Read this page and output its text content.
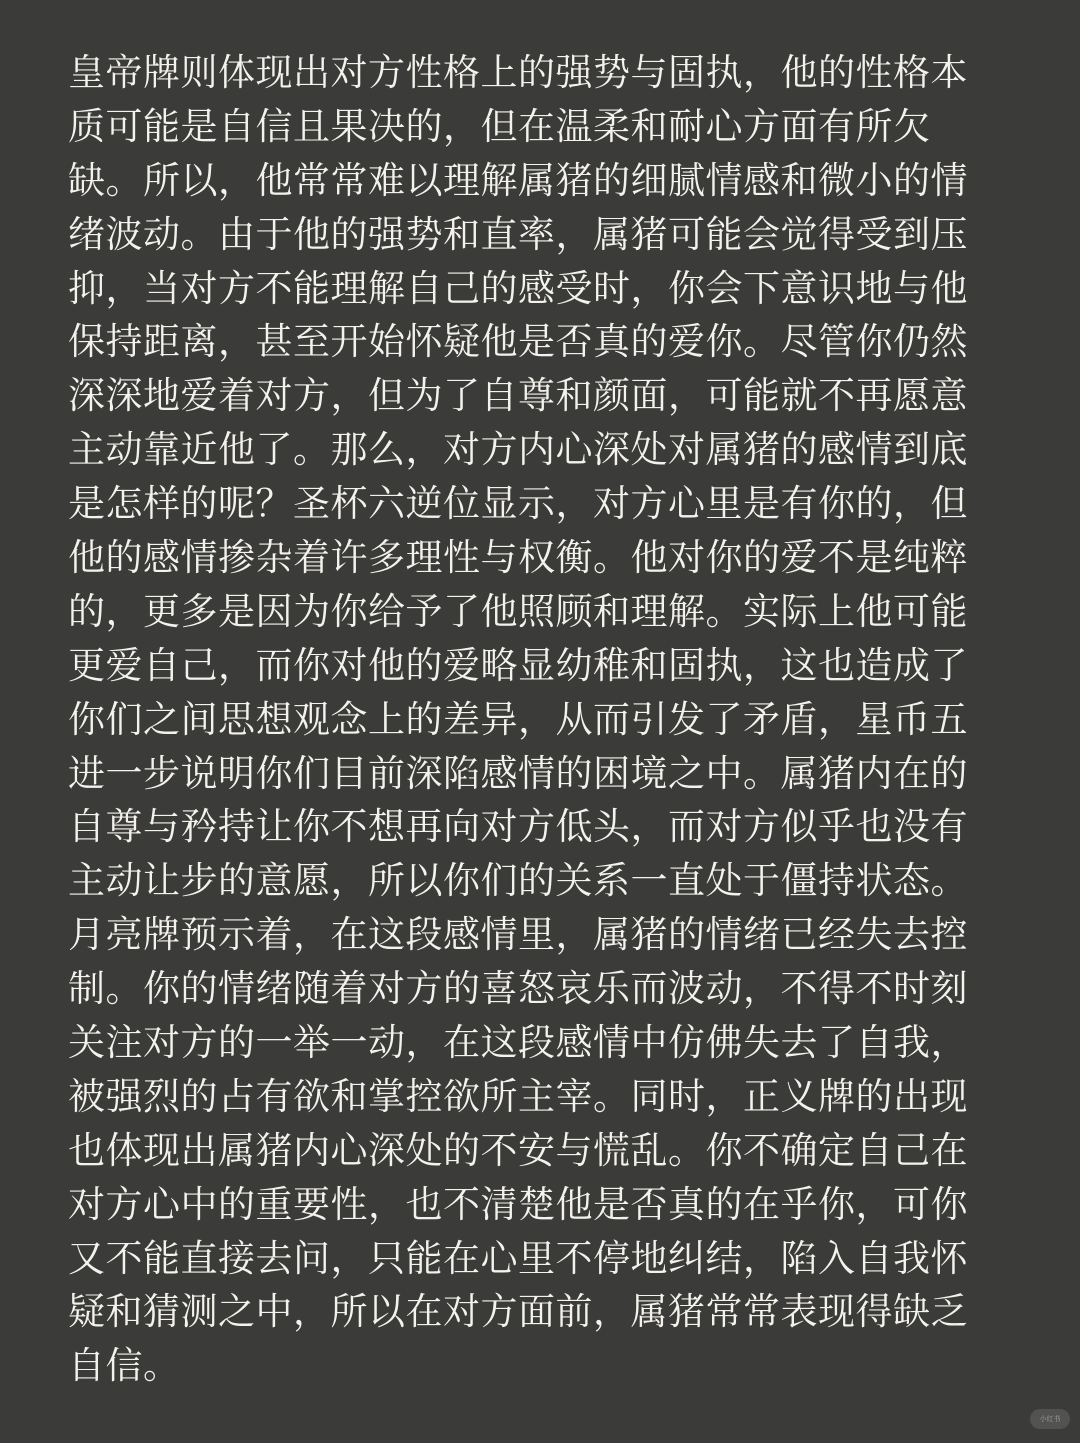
皇帝牌则体现出对方性格上的强势与固执，他的性格本
质可能是自信且果决的，但在温柔和耐心方面有所欠
缺。所以，他常常难以理解属猪的细腻情感和微小的情
绪波动。由于他的强势和直率，属猪可能会觉得受到压
抑，当对方不能理解自己的感受时，你会下意识地与他
保持距离，甚至开始怀疑他是否真的爱你。尽管你仍然
深深地爱着对方，但为了自尊和颜面，可能就不再愿意
主动靠近他了。那么，对方内心深处对属猪的感情到底
是怎样的呢？圣杯六逆位显示，对方心里是有你的，但
他的感情掺杂着许多理性与权衡。他对你的爱不是纯粹
的，更多是因为你给予了他照顾和理解。实际上他可能
更爱自己，而你对他的爱略显幼稚和固执，这也造成了
你们之间思想观念上的差异，从而引发了矛盾，星币五
进一步说明你们目前深陷感情的困境之中。属猪内在的
自尊与矜持让你不想再向对方低头，而对方似乎也没有
主动让步的意愿，所以你们的关系一直处于僵持状态。
月亮牌预示着，在这段感情里，属猪的情绪已经失去控
制。你的情绪随着对方的喜怒哀乐而波动，不得不时刻
关注对方的一举一动，在这段感情中仿佛失去了自我，
被强烈的占有欲和掌控欲所主宰。同时，正义牌的出现
也体现出属猪内心深处的不安与慌乱。你不确定自己在
对方心中的重要性，也不清楚他是否真的在乎你，可你
又不能直接去问，只能在心里不停地纠结，陷入自我怀
疑和猜测之中，所以在对方面前，属猪常常表现得缺乏
自信。
小红书
